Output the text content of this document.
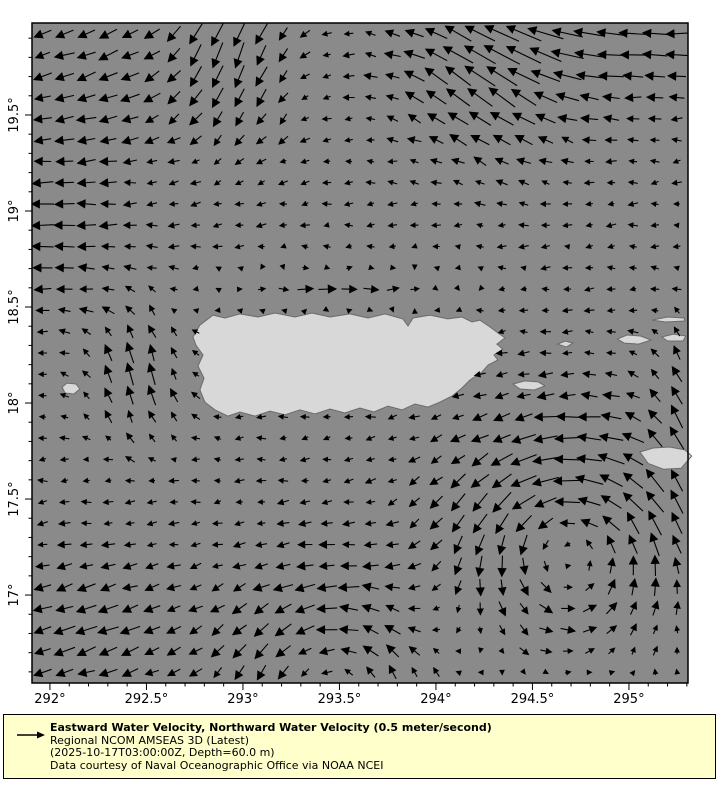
292°	292.5°	293°	293.5°	294°	294.5°	295°
17°
17.5°
18°
18.5°
19°
19.5°
Eastward Water Velocity, Northward Water Velocity (0.5 meter/second)
Regional NCOM AMSEAS 3D (Latest)
(2025-10-17T03:00:00Z, Depth=60.0 m)
Data courtesy of Naval Oceanographic Office via NOAA NCEI
